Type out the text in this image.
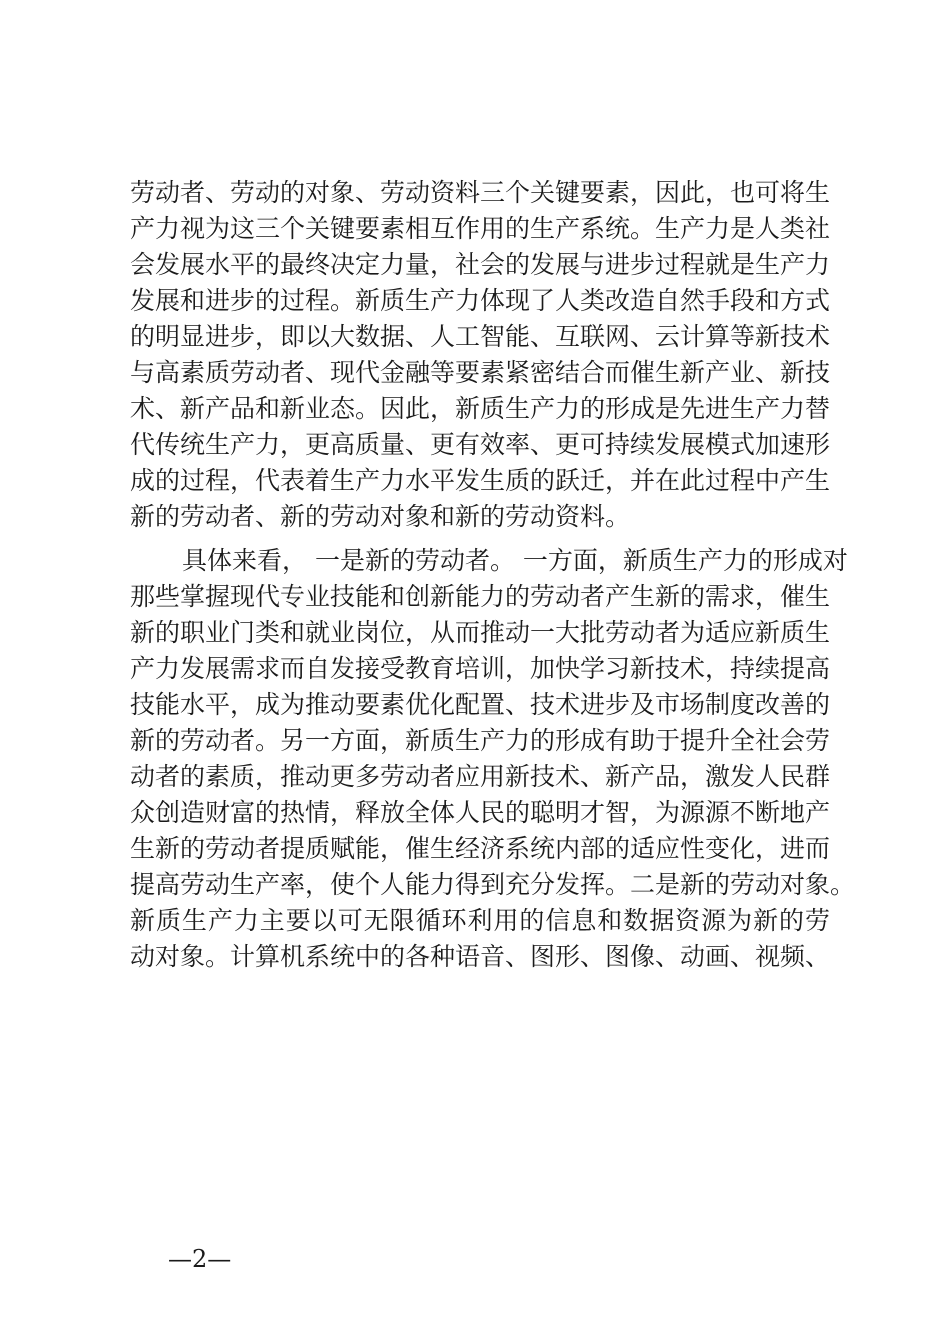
劳动者、劳动的对象、劳动资料三个关键要素，因此，也可将生
产力视为这三个关键要素相互作用的生产系统。生产力是人类社
会发展水平的最终决定力量，社会的发展与进步过程就是生产力
发展和进步的过程。新质生产力体现了人类改造自然手段和方式
的明显进步，即以大数据、人工智能、互联网、云计算等新技术
与高素质劳动者、现代金融等要素紧密结合而催生新产业、新技
术、新产品和新业态。因此，新质生产力的形成是先进生产力替
代传统生产力，更高质量、更有效率、更可持续发展模式加速形
成的过程，代表着生产力水平发生质的跃迁，并在此过程中产生
新的劳动者、新的劳动对象和新的劳动资料。
具体来看， 一是新的劳动者。 一方面，新质生产力的形成对
那些掌握现代专业技能和创新能力的劳动者产生新的需求，催生
新的职业门类和就业岗位，从而推动一大批劳动者为适应新质生
产力发展需求而自发接受教育培训，加快学习新技术，持续提高
技能水平，成为推动要素优化配置、技术进步及市场制度改善的
新的劳动者。另一方面，新质生产力的形成有助于提升全社会劳
动者的素质，推动更多劳动者应用新技术、新产品，激发人民群
众创造财富的热情，释放全体人民的聪明才智，为源源不断地产
生新的劳动者提质赋能，催生经济系统内部的适应性变化，进而
提高劳动生产率，使个人能力得到充分发挥。二是新的劳动对象。
新质生产力主要以可无限循环利用的信息和数据资源为新的劳
动对象。计算机系统中的各种语音、图形、图像、动画、视频、
—2—
